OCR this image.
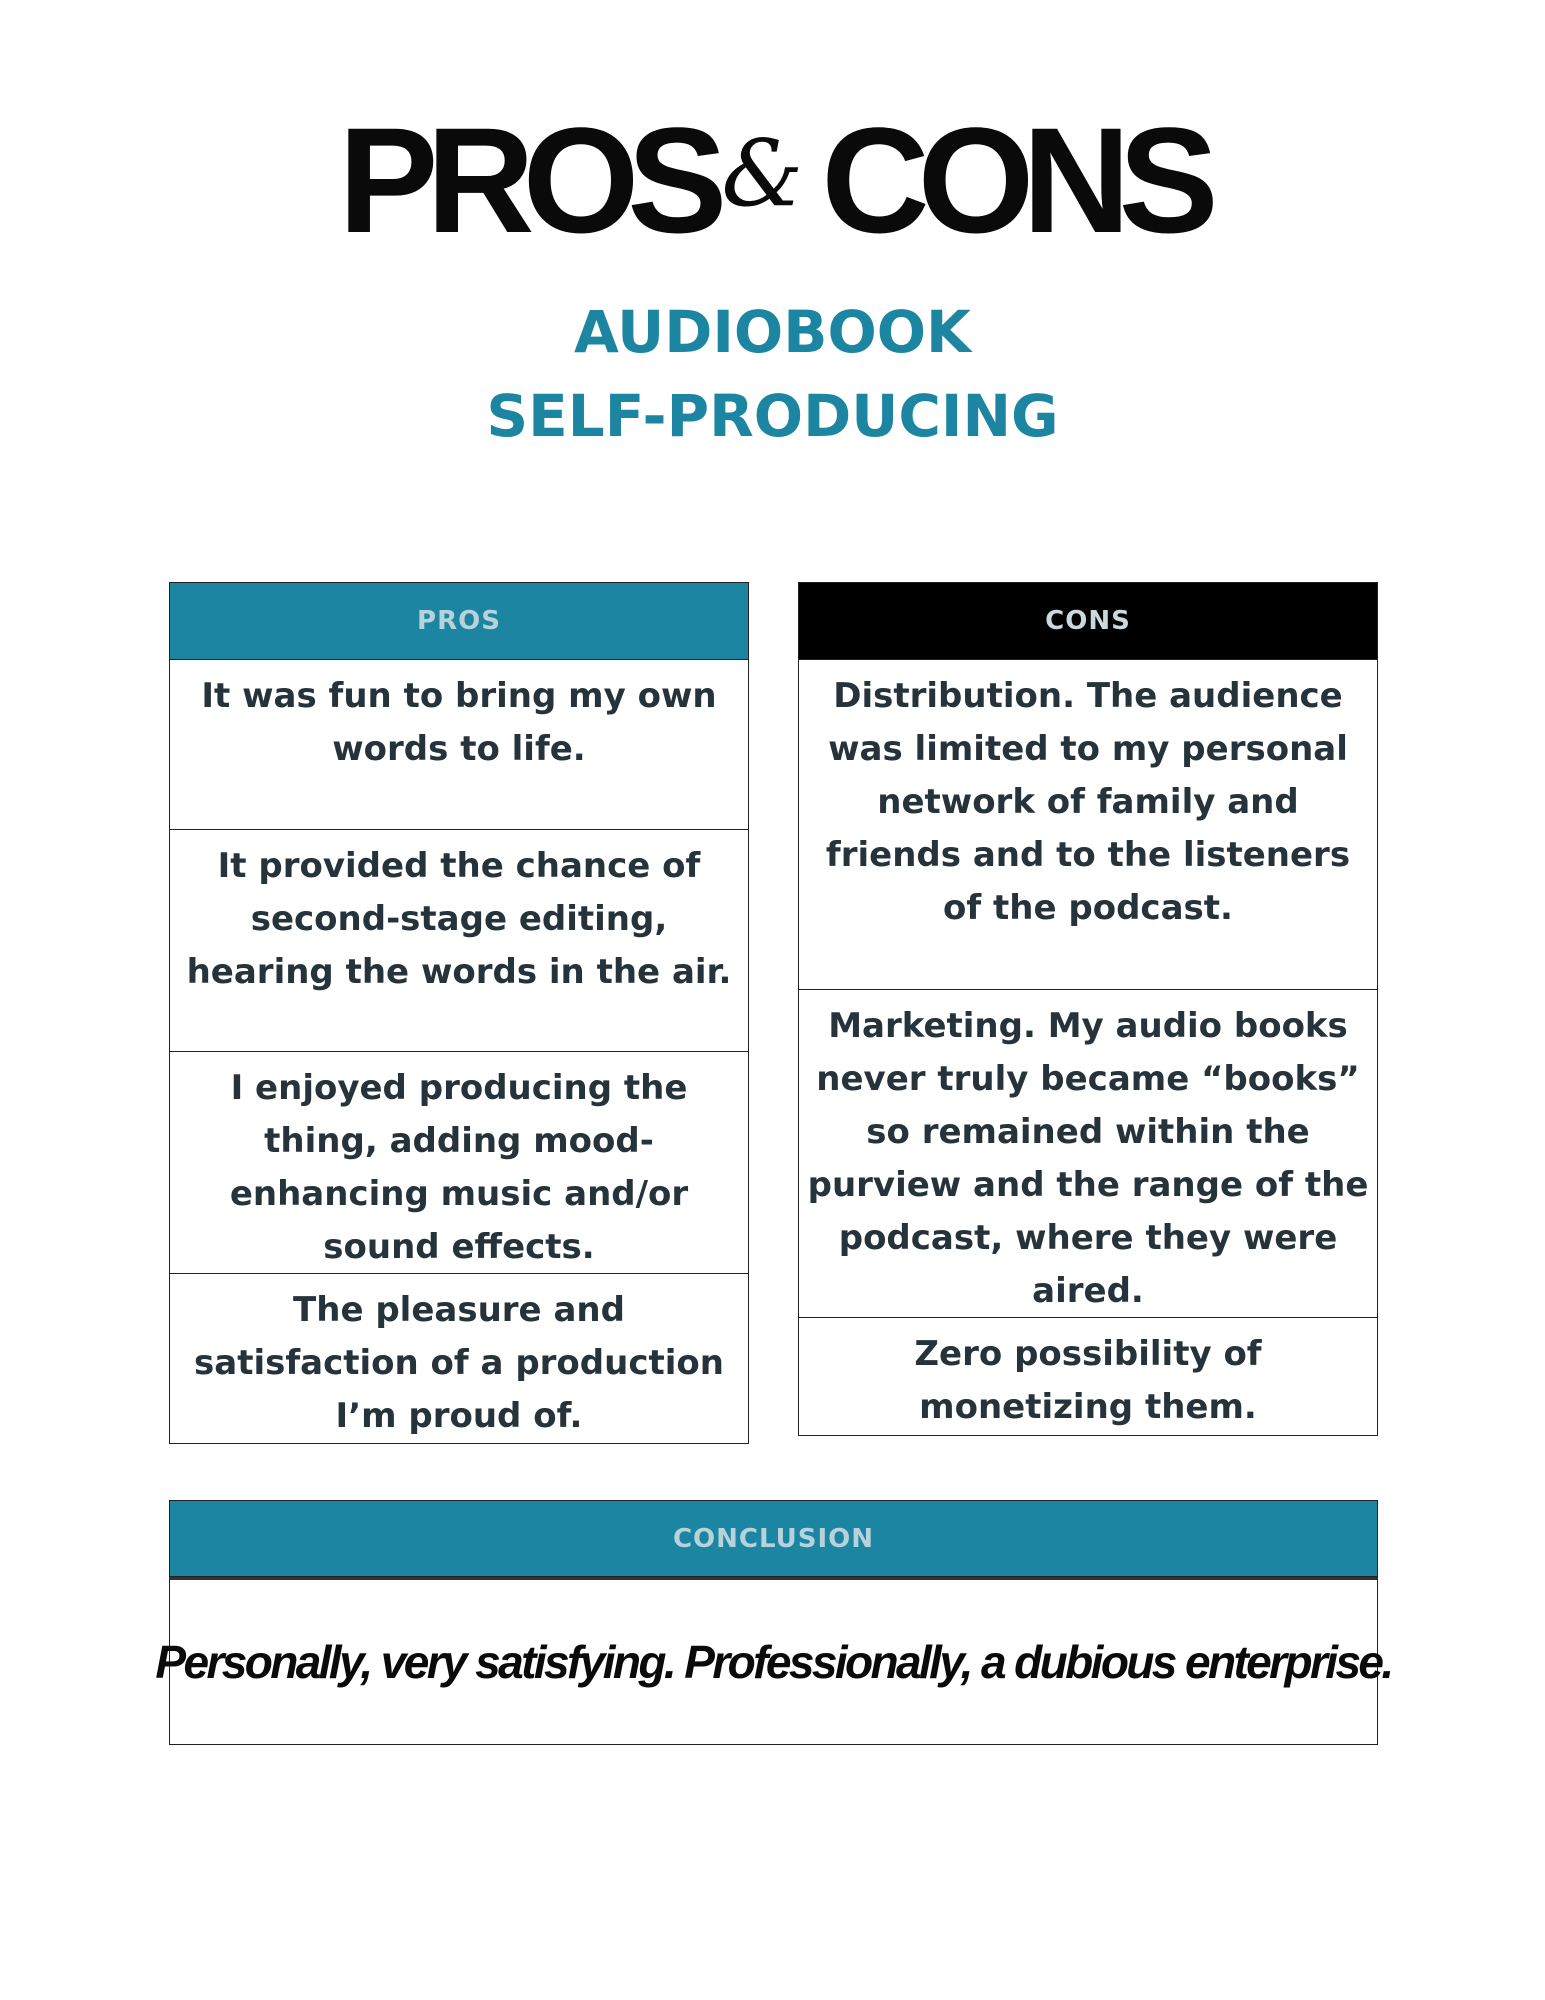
PROS& CONS
AUDIOBOOK
SELF-PRODUCING
PROS
It was fun to bring my own words to life.
It provided the chance of second-stage editing, hearing the words in the air.
I enjoyed producing the thing, adding mood-enhancing music and/or sound effects.
The pleasure and satisfaction of a production I’m proud of.
CONS
Distribution. The audience was limited to my personal network of family and friends and to the listeners of the podcast.
Marketing. My audio books never truly became “books” so remained within the purview and the range of the podcast, where they were aired.
Zero possibility of monetizing them.
CONCLUSION
Personally, very satisfying. Professionally, a dubious enterprise.
